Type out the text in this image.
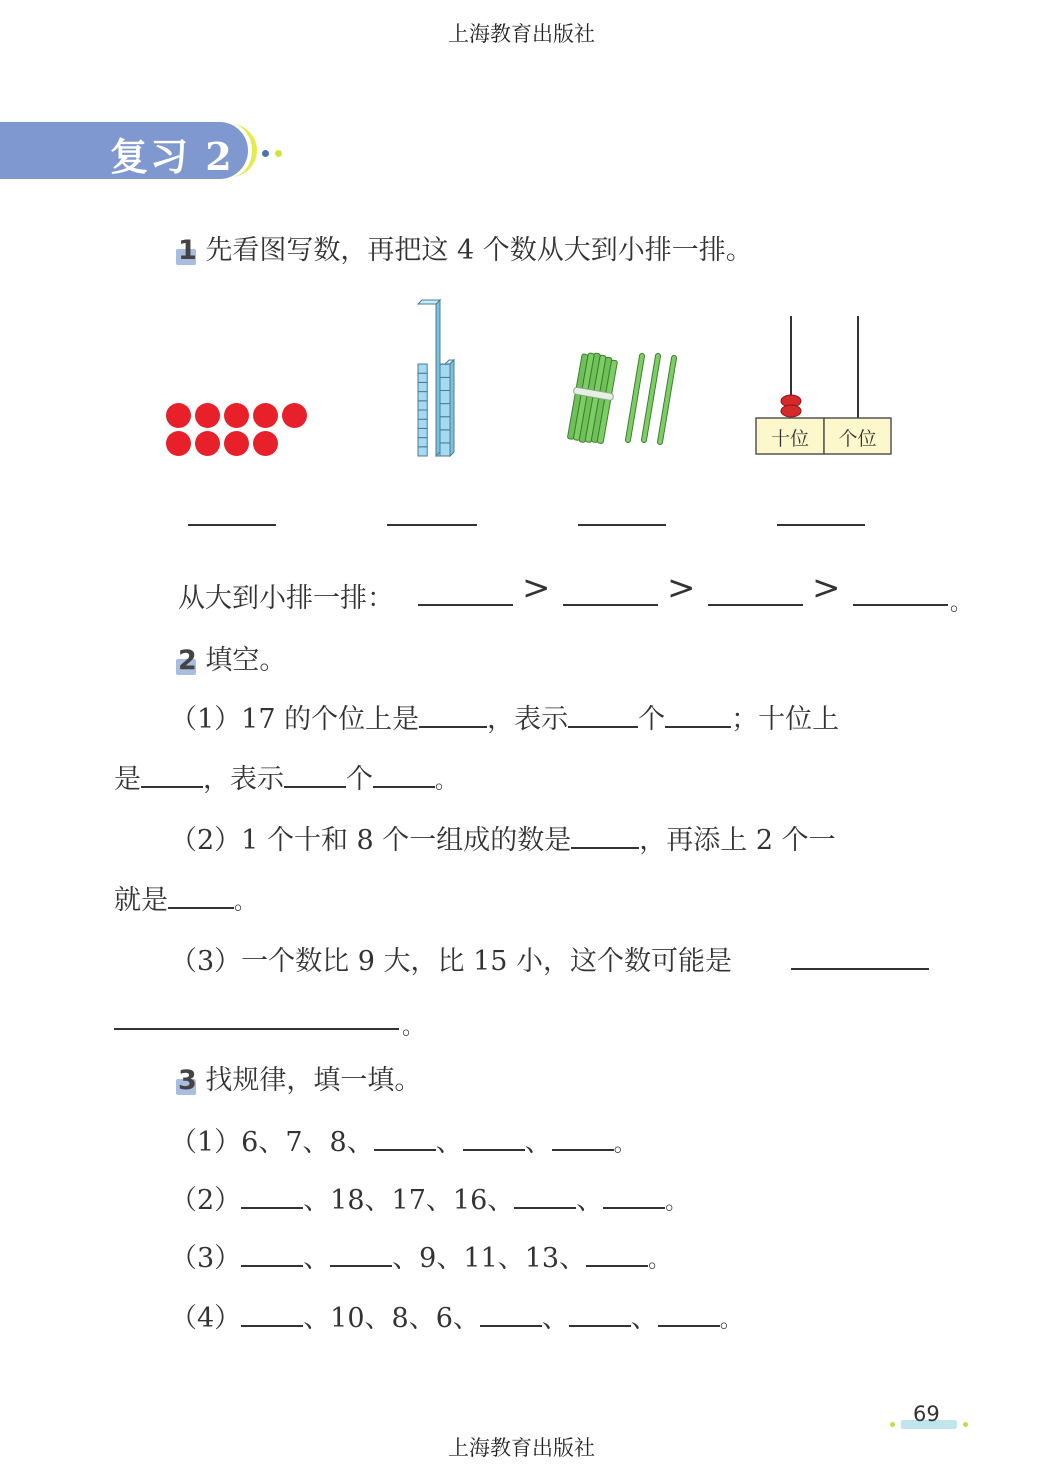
上海教育出版社
复习 2
1 先看图写数，再把这 4 个数从大到小排一排。
十位	个位
从大到小排一排：	>	>	>	。
2 填空。
（1）17 的个位上是	，表示	个 ；十位上
是 ，表示 个	。
（2）1 个十和 8 个一组成的数是	，再添上 2 个一
就是	。
（3）一个数比 9 大，比 15 小，这个数可能是
。
3 找规律，填一填。
（1）6、7、8、 、 、	。
（2） 、18、17、16、 、	。
（3） 、 、9、11、13、	。
（4） 、10、8、6、 、 、	。
69
上海教育出版社
